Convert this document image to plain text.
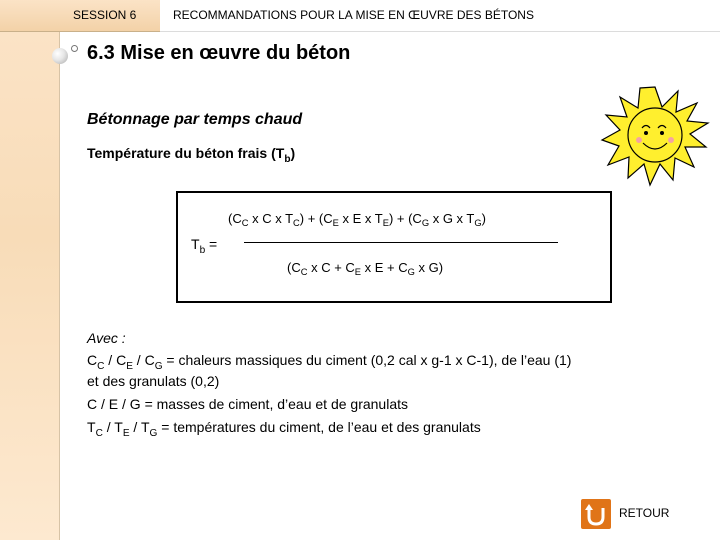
SESSION 6	RECOMMANDATIONS POUR LA MISE EN ŒUVRE DES BÉTONS
6.3 Mise en œuvre du béton
Bétonnage par temps chaud
Température du béton frais $(T_b)$
($C_C$ x C x $T_C) + (C_E$ x E x $T_E) + (C_G$ x G x $T_G$)
$T_b$ =
($C_C$ x $C + C_E$ x $E + C_G$ x G)
Avec :
$C_C / C_E / C_G$ = chaleurs massiques du ciment (0,2 cal x g-1 x C-1), de l’eau (1)
et des granulats (0,2)
C / E / G = masses de ciment, d’eau et de granulats
$T_C / T_E / T_G$ = températures du ciment, de l’eau et des granulats
RETOUR
